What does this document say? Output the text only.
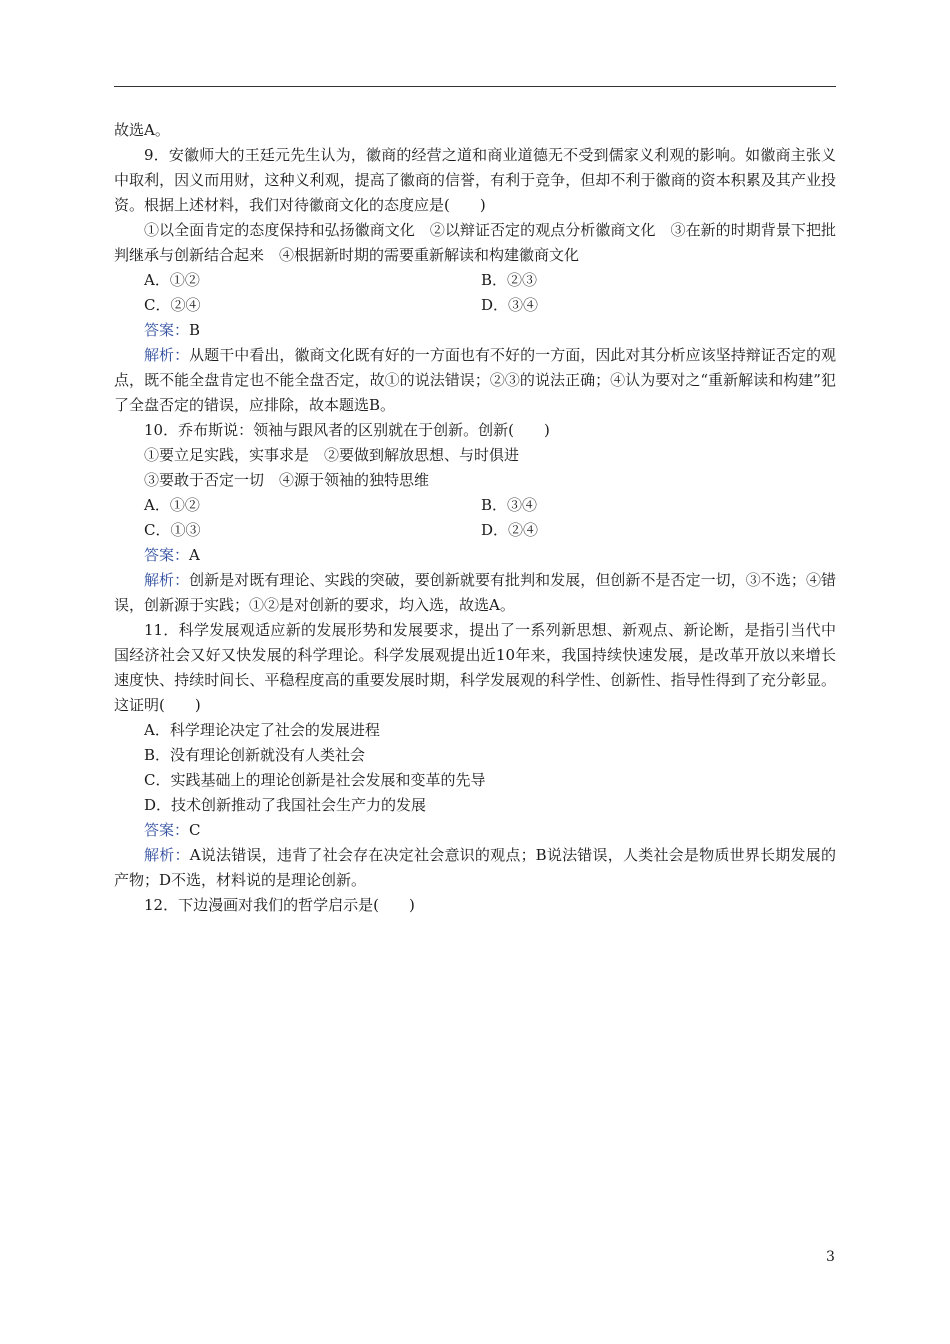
故选A。
9．安徽师大的王廷元先生认为，徽商的经营之道和商业道德无不受到儒家义利观的影响。如徽商主张义中取利，因义而用财，这种义利观，提高了徽商的信誉，有利于竞争，但却不利于徽商的资本积累及其产业投资。根据上述材料，我们对待徽商文化的态度应是(　　)
①以全面肯定的态度保持和弘扬徽商文化　②以辩证否定的观点分析徽商文化　③在新的时期背景下把批判继承与创新结合起来　④根据新时期的需要重新解读和构建徽商文化
A．①②	B．②③
C．②④	D．③④
答案：B
解析：从题干中看出，徽商文化既有好的一方面也有不好的一方面，因此对其分析应该坚持辩证否定的观点，既不能全盘肯定也不能全盘否定，故①的说法错误；②③的说法正确；④认为要对之“重新解读和构建”犯了全盘否定的错误，应排除，故本题选B。
10．乔布斯说：领袖与跟风者的区别就在于创新。创新(　　)
①要立足实践，实事求是　②要做到解放思想、与时俱进
③要敢于否定一切　④源于领袖的独特思维
A．①②	B．③④
C．①③	D．②④
答案：A
解析：创新是对既有理论、实践的突破，要创新就要有批判和发展，但创新不是否定一切，③不选；④错误，创新源于实践；①②是对创新的要求，均入选，故选A。
11．科学发展观适应新的发展形势和发展要求，提出了一系列新思想、新观点、新论断，是指引当代中国经济社会又好又快发展的科学理论。科学发展观提出近10年来，我国持续快速发展，是改革开放以来增长速度快、持续时间长、平稳程度高的重要发展时期，科学发展观的科学性、创新性、指导性得到了充分彰显。这证明(　　)
A．科学理论决定了社会的发展进程
B．没有理论创新就没有人类社会
C．实践基础上的理论创新是社会发展和变革的先导
D．技术创新推动了我国社会生产力的发展
答案：C
解析：A说法错误，违背了社会存在决定社会意识的观点；B说法错误，人类社会是物质世界长期发展的产物；D不选，材料说的是理论创新。
12．下边漫画对我们的哲学启示是(　　)
3
